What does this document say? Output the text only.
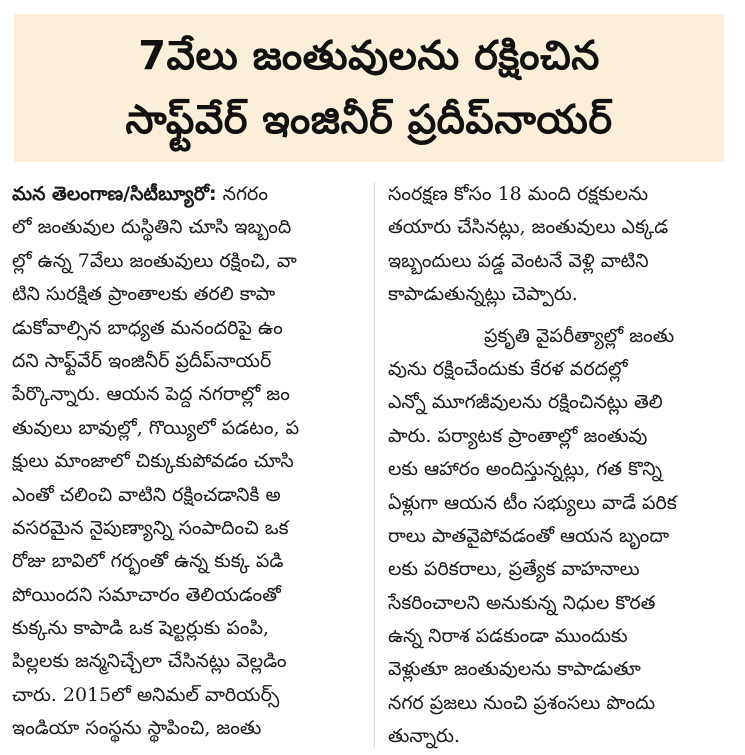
7వేలు జంతువులను రక్షించిన
సాఫ్ట్‌వేర్ ఇంజినీర్ ప్రదీప్‌నాయర్
మన తెలంగాణ/సిటీబ్యూరో: నగరం
లో జంతువుల దుస్థితిని చూసి ఇబ్బంది
ల్లో ఉన్న 7వేలు జంతువులు రక్షించి, వా
టిని సురక్షిత ప్రాంతాలకు తరలి కాపా
డుకోవాల్సిన బాధ్యత మనందరిపై ఉం
దని సాఫ్ట్‌వేర్ ఇంజినీర్ ప్రదీప్‌నాయర్
పేర్కొన్నారు. ఆయన పెద్ద నగరాల్లో జం
తువులు బావుల్లో, గొయ్యిలో పడటం, ప
క్షులు మాంజాలో చిక్కుకుపోవడం చూసి
ఎంతో చలించి వాటిని రక్షించడానికి అ
వసరమైన నైపుణ్యాన్ని సంపాదించి ఒక
రోజు బావిలో గర్భంతో ఉన్న కుక్క పడి
పోయిందని సమాచారం తెలియడంతో
కుక్కను కాపాడి ఒక షెల్టర్లుకు పంపి,
పిల్లలకు జన్మనిచ్చేలా చేసినట్లు వెల్లడిం
చారు. 2015లో అనిమల్ వారియర్స్
ఇండియా సంస్థను స్థాపించి, జంతు
సంరక్షణ కోసం 18 మంది రక్షకులను
తయారు చేసినట్లు, జంతువులు ఎక్కడ
ఇబ్బందులు పడ్డ వెంటనే వెళ్లి వాటిని
కాపాడుతున్నట్లు చెప్పారు.
ప్రకృతి వైపరీత్యాల్లో జంతు
వును రక్షించేందుకు కేరళ వరదల్లో
ఎన్నో మూగజీవులను రక్షించినట్లు తెలి
పారు. పర్యాటక ప్రాంతాల్లో జంతువు
లకు ఆహారం అందిస్తున్నట్లు, గత కొన్ని
ఏళ్లుగా ఆయన టీం సభ్యులు వాడే పరిక
రాలు పాతవైపోవడంతో ఆయన బృందా
లకు పరికరాలు, ప్రత్యేక వాహనాలు
సేకరించాలని అనుకున్న నిధుల కొరత
ఉన్న నిరాశ పడకుండా ముందుకు
వెళ్లుతూ జంతువులను కాపాడుతూ
నగర ప్రజలు నుంచి ప్రశంసలు పొందు
తున్నారు.
